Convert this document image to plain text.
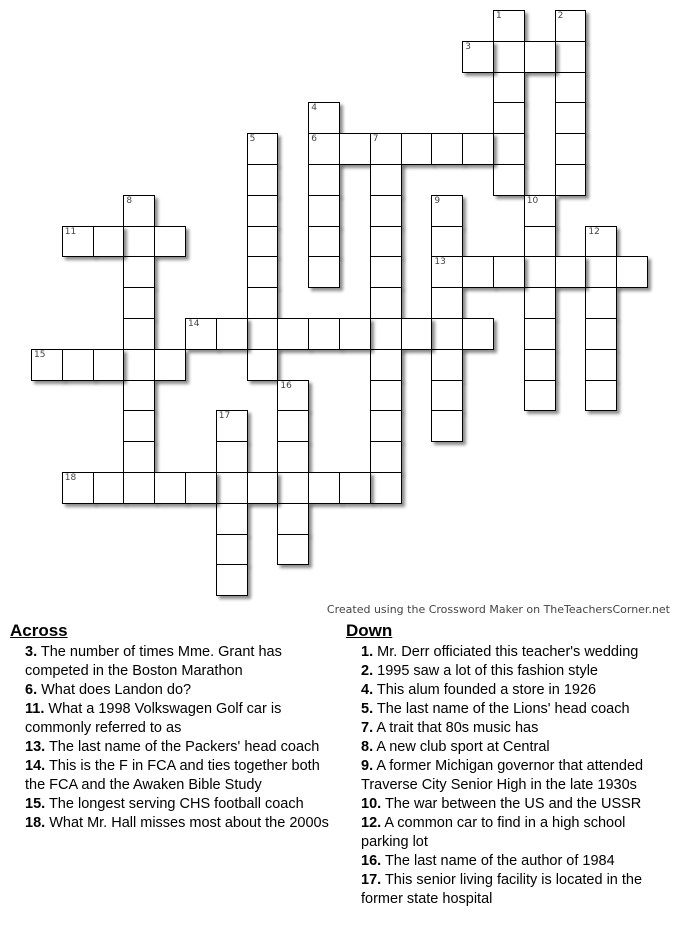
1	2
3
4
6
5	7
8	9
13
10
11	12
14
15
16
17
18
Created using the Crossword Maker on TheTeachersCorner.net
Across
3. The number of times Mme. Grant has competed in the Boston Marathon
6. What does Landon do?
11. What a 1998 Volkswagen Golf car is commonly referred to as
13. The last name of the Packers' head coach
14. This is the F in FCA and ties together both the FCA and the Awaken Bible Study
15. The longest serving CHS football coach
18. What Mr. Hall misses most about the 2000s
Down
1. Mr. Derr officiated this teacher's wedding
2. 1995 saw a lot of this fashion style
4. This alum founded a store in 1926
5. The last name of the Lions' head coach
7. A trait that 80s music has
8. A new club sport at Central
9. A former Michigan governor that attended Traverse City Senior High in the late 1930s
10. The war between the US and the USSR
12. A common car to find in a high school parking lot
16. The last name of the author of 1984
17. This senior living facility is located in the former state hospital
